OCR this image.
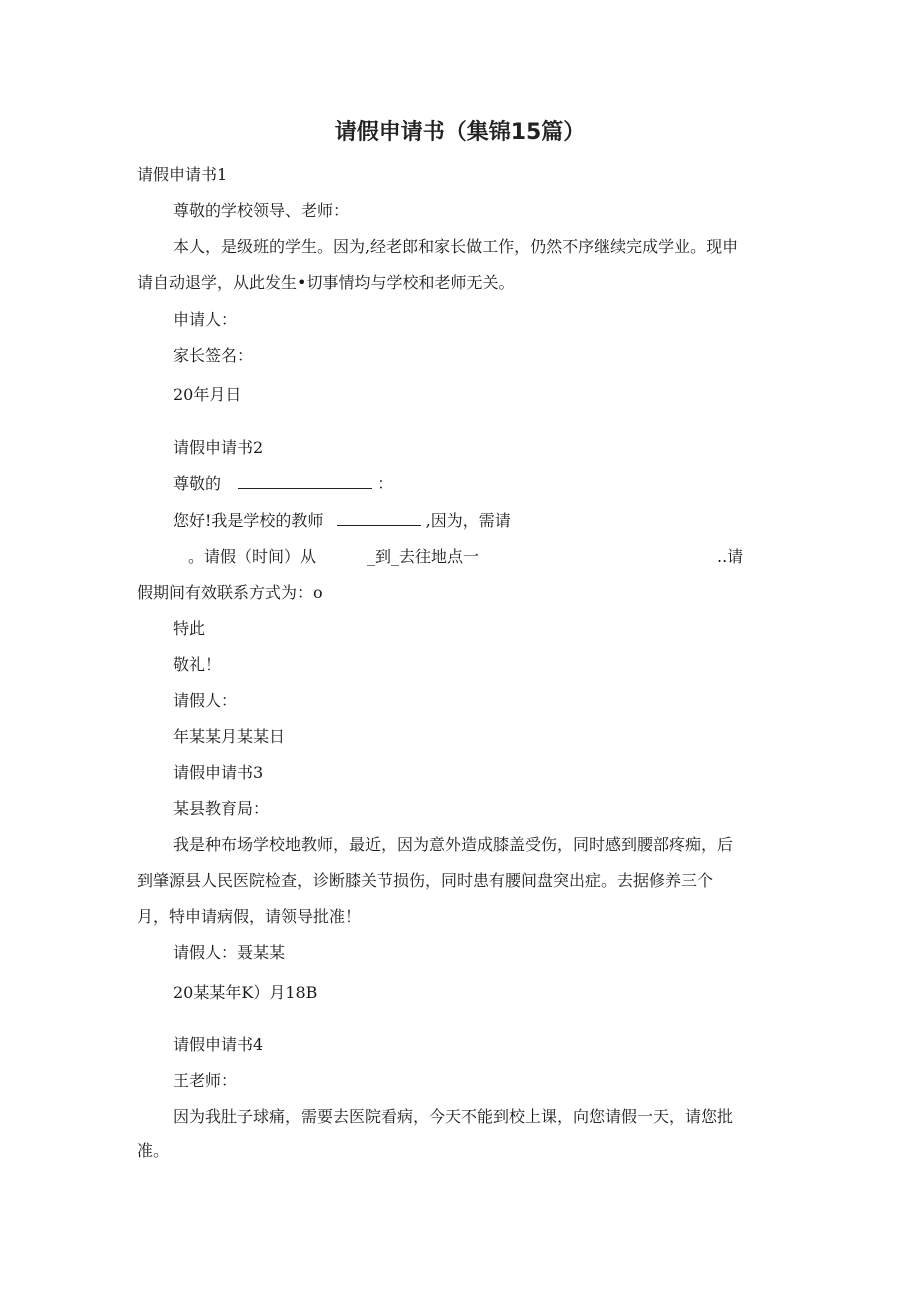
请假申请书（集锦15篇）
请假申请书1
尊敬的学校领导、老师：
本人，是级班的学生。因为,经老郎和家长做工作，仍然不序继续完成学业。现申
请自动退学，从此发生•切事情均与学校和老师无关。
申请人：
家长签名：
20年月日
请假申请书2
尊敬的	：
您好!我是学校的教师	,因为，需请
。请假（时间）从	_到_去往地点一	..请
假期间有效联系方式为：o
特此
敬礼！
请假人：
年某某月某某日
请假申请书3
某县教育局：
我是种布场学校地教师，最近，因为意外造成膝盖受伤，同时感到腰部疼痴，后
到肇源县人民医院检查，诊断膝关节损伤，同时患有腰间盘突出症。去据修养三个
月，特申请病假，请领导批准！
请假人：聂某某
20某某年K）月18B
请假申请书4
王老师：
因为我肚子球痛，需要去医院看病，今天不能到校上课，向您请假一天，请您批
准。
